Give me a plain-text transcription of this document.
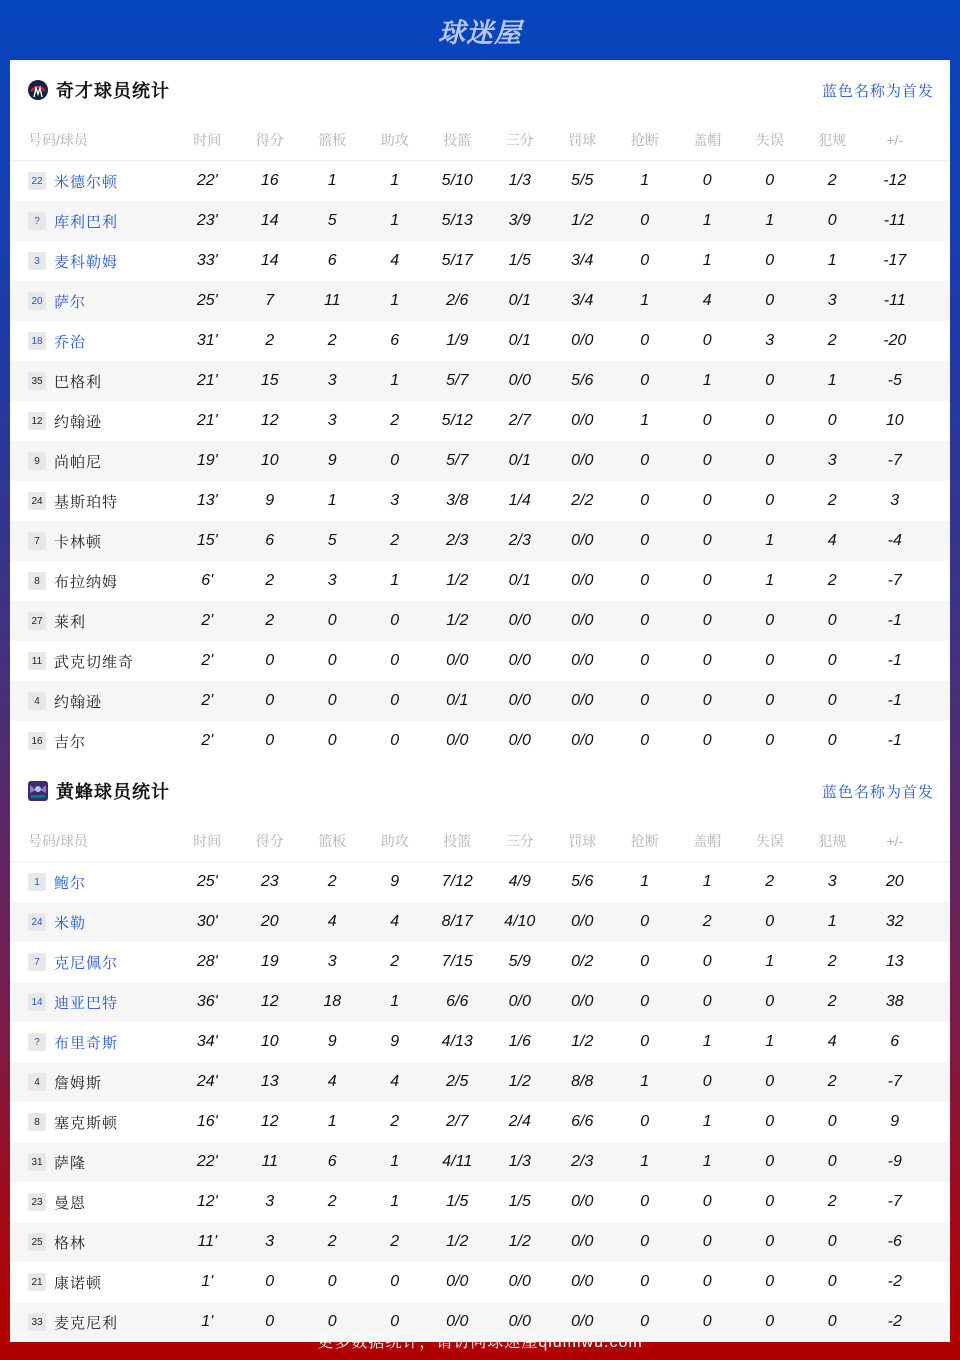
球迷屋
奇才球员统计	蓝色名称为首发
号码/球员	时间	得分	篮板	助攻	投篮	三分	罚球	抢断	盖帽	失误	犯规	+/-
22 米德尔顿	22'	16	1	1	5/10	1/3	5/5	1	0	0	2	-12
? 库利巴利	23'	14	5	1	5/13	3/9	1/2	0	1	1	0	-11
3 麦科勒姆	33'	14	6	4	5/17	1/5	3/4	0	1	0	1	-17
20 萨尔	25'	7	11	1	2/6	0/1	3/4	1	4	0	3	-11
18 乔治	31'	2	2	6	1/9	0/1	0/0	0	0	3	2	-20
35 巴格利	21'	15	3	1	5/7	0/0	5/6	0	1	0	1	-5
12 约翰逊	21'	12	3	2	5/12	2/7	0/0	1	0	0	0	10
9 尚帕尼	19'	10	9	0	5/7	0/1	0/0	0	0	0	3	-7
24 基斯珀特	13'	9	1	3	3/8	1/4	2/2	0	0	0	2	3
7 卡林顿	15'	6	5	2	2/3	2/3	0/0	0	0	1	4	-4
8 布拉纳姆	6'	2	3	1	1/2	0/1	0/0	0	0	1	2	-7
27 莱利	2'	2	0	0	1/2	0/0	0/0	0	0	0	0	-1
11 武克切维奇	2'	0	0	0	0/0	0/0	0/0	0	0	0	0	-1
4 约翰逊	2'	0	0	0	0/1	0/0	0/0	0	0	0	0	-1
16 吉尔	2'	0	0	0	0/0	0/0	0/0	0	0	0	0	-1
黄蜂球员统计	蓝色名称为首发
号码/球员	时间	得分	篮板	助攻	投篮	三分	罚球	抢断	盖帽	失误	犯规	+/-
1 鲍尔	25'	23	2	9	7/12	4/9	5/6	1	1	2	3	20
24 米勒	30'	20	4	4	8/17	4/10	0/0	0	2	0	1	32
7 克尼佩尔	28'	19	3	2	7/15	5/9	0/2	0	0	1	2	13
14 迪亚巴特	36'	12	18	1	6/6	0/0	0/0	0	0	0	2	38
? 布里奇斯	34'	10	9	9	4/13	1/6	1/2	0	1	1	4	6
4 詹姆斯	24'	13	4	4	2/5	1/2	8/8	1	0	0	2	-7
8 塞克斯顿	16'	12	1	2	2/7	2/4	6/6	0	1	0	0	9
31 萨隆	22'	11	6	1	4/11	1/3	2/3	1	1	0	0	-9
23 曼恩	12'	3	2	1	1/5	1/5	0/0	0	0	0	2	-7
25 格林	11'	3	2	2	1/2	1/2	0/0	0	0	0	0	-6
21 康诺顿	1'	0	0	0	0/0	0/0	0/0	0	0	0	0	-2
33 麦克尼利	1'	0	0	0	0/0	0/0	0/0	0	0	0	0	-2
更多数据统计，请访问球迷屋qiumiwu.com
